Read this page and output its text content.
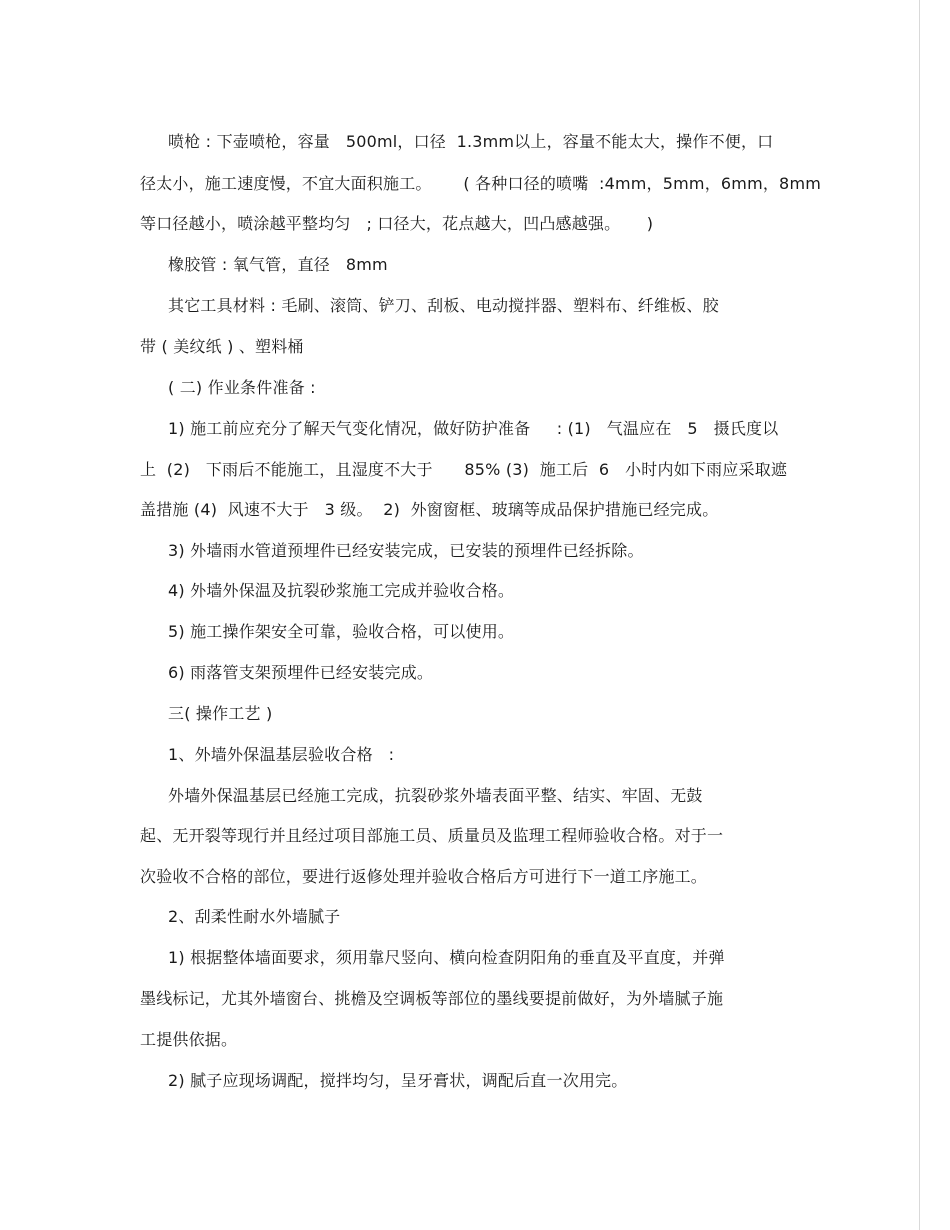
喷枪 : 下壶喷枪，容量   500ml，口径  1.3mm以上，容量不能太大，操作不便，口
径太小，施工速度慢，不宜大面积施工。      ( 各种口径的喷嘴  :4mm，5mm，6mm，8mm
等口径越小，喷涂越平整均匀   ; 口径大，花点越大，凹凸感越强。     )
橡胶管 : 氧气管，直径   8mm
其它工具材料 : 毛刷、滚筒、铲刀、刮板、电动搅拌器、塑料布、纤维板、胶
带 ( 美纹纸 ) 、塑料桶
( 二) 作业条件准备 :
1) 施工前应充分了解天气变化情况，做好防护准备     : (1)   气温应在   5   摄氏度以
上  (2)   下雨后不能施工，且湿度不大于      85% (3)  施工后  6   小时内如下雨应采取遮
盖措施 (4)  风速不大于   3 级。  2)  外窗窗框、玻璃等成品保护措施已经完成。
3) 外墙雨水管道预埋件已经安装完成，已安装的预埋件已经拆除。
4) 外墙外保温及抗裂砂浆施工完成并验收合格。
5) 施工操作架安全可靠，验收合格，可以使用。
6) 雨落管支架预埋件已经安装完成。
三( 操作工艺 )
1、外墙外保温基层验收合格   :
外墙外保温基层已经施工完成，抗裂砂浆外墙表面平整、结实、牢固、无鼓
起、无开裂等现行并且经过项目部施工员、质量员及监理工程师验收合格。对于一
次验收不合格的部位，要进行返修处理并验收合格后方可进行下一道工序施工。
2、刮柔性耐水外墙腻子
1) 根据整体墙面要求，须用靠尺竖向、横向检查阴阳角的垂直及平直度，并弹
墨线标记，尤其外墙窗台、挑檐及空调板等部位的墨线要提前做好，为外墙腻子施
工提供依据。
2) 腻子应现场调配，搅拌均匀，呈牙膏状，调配后直一次用完。
